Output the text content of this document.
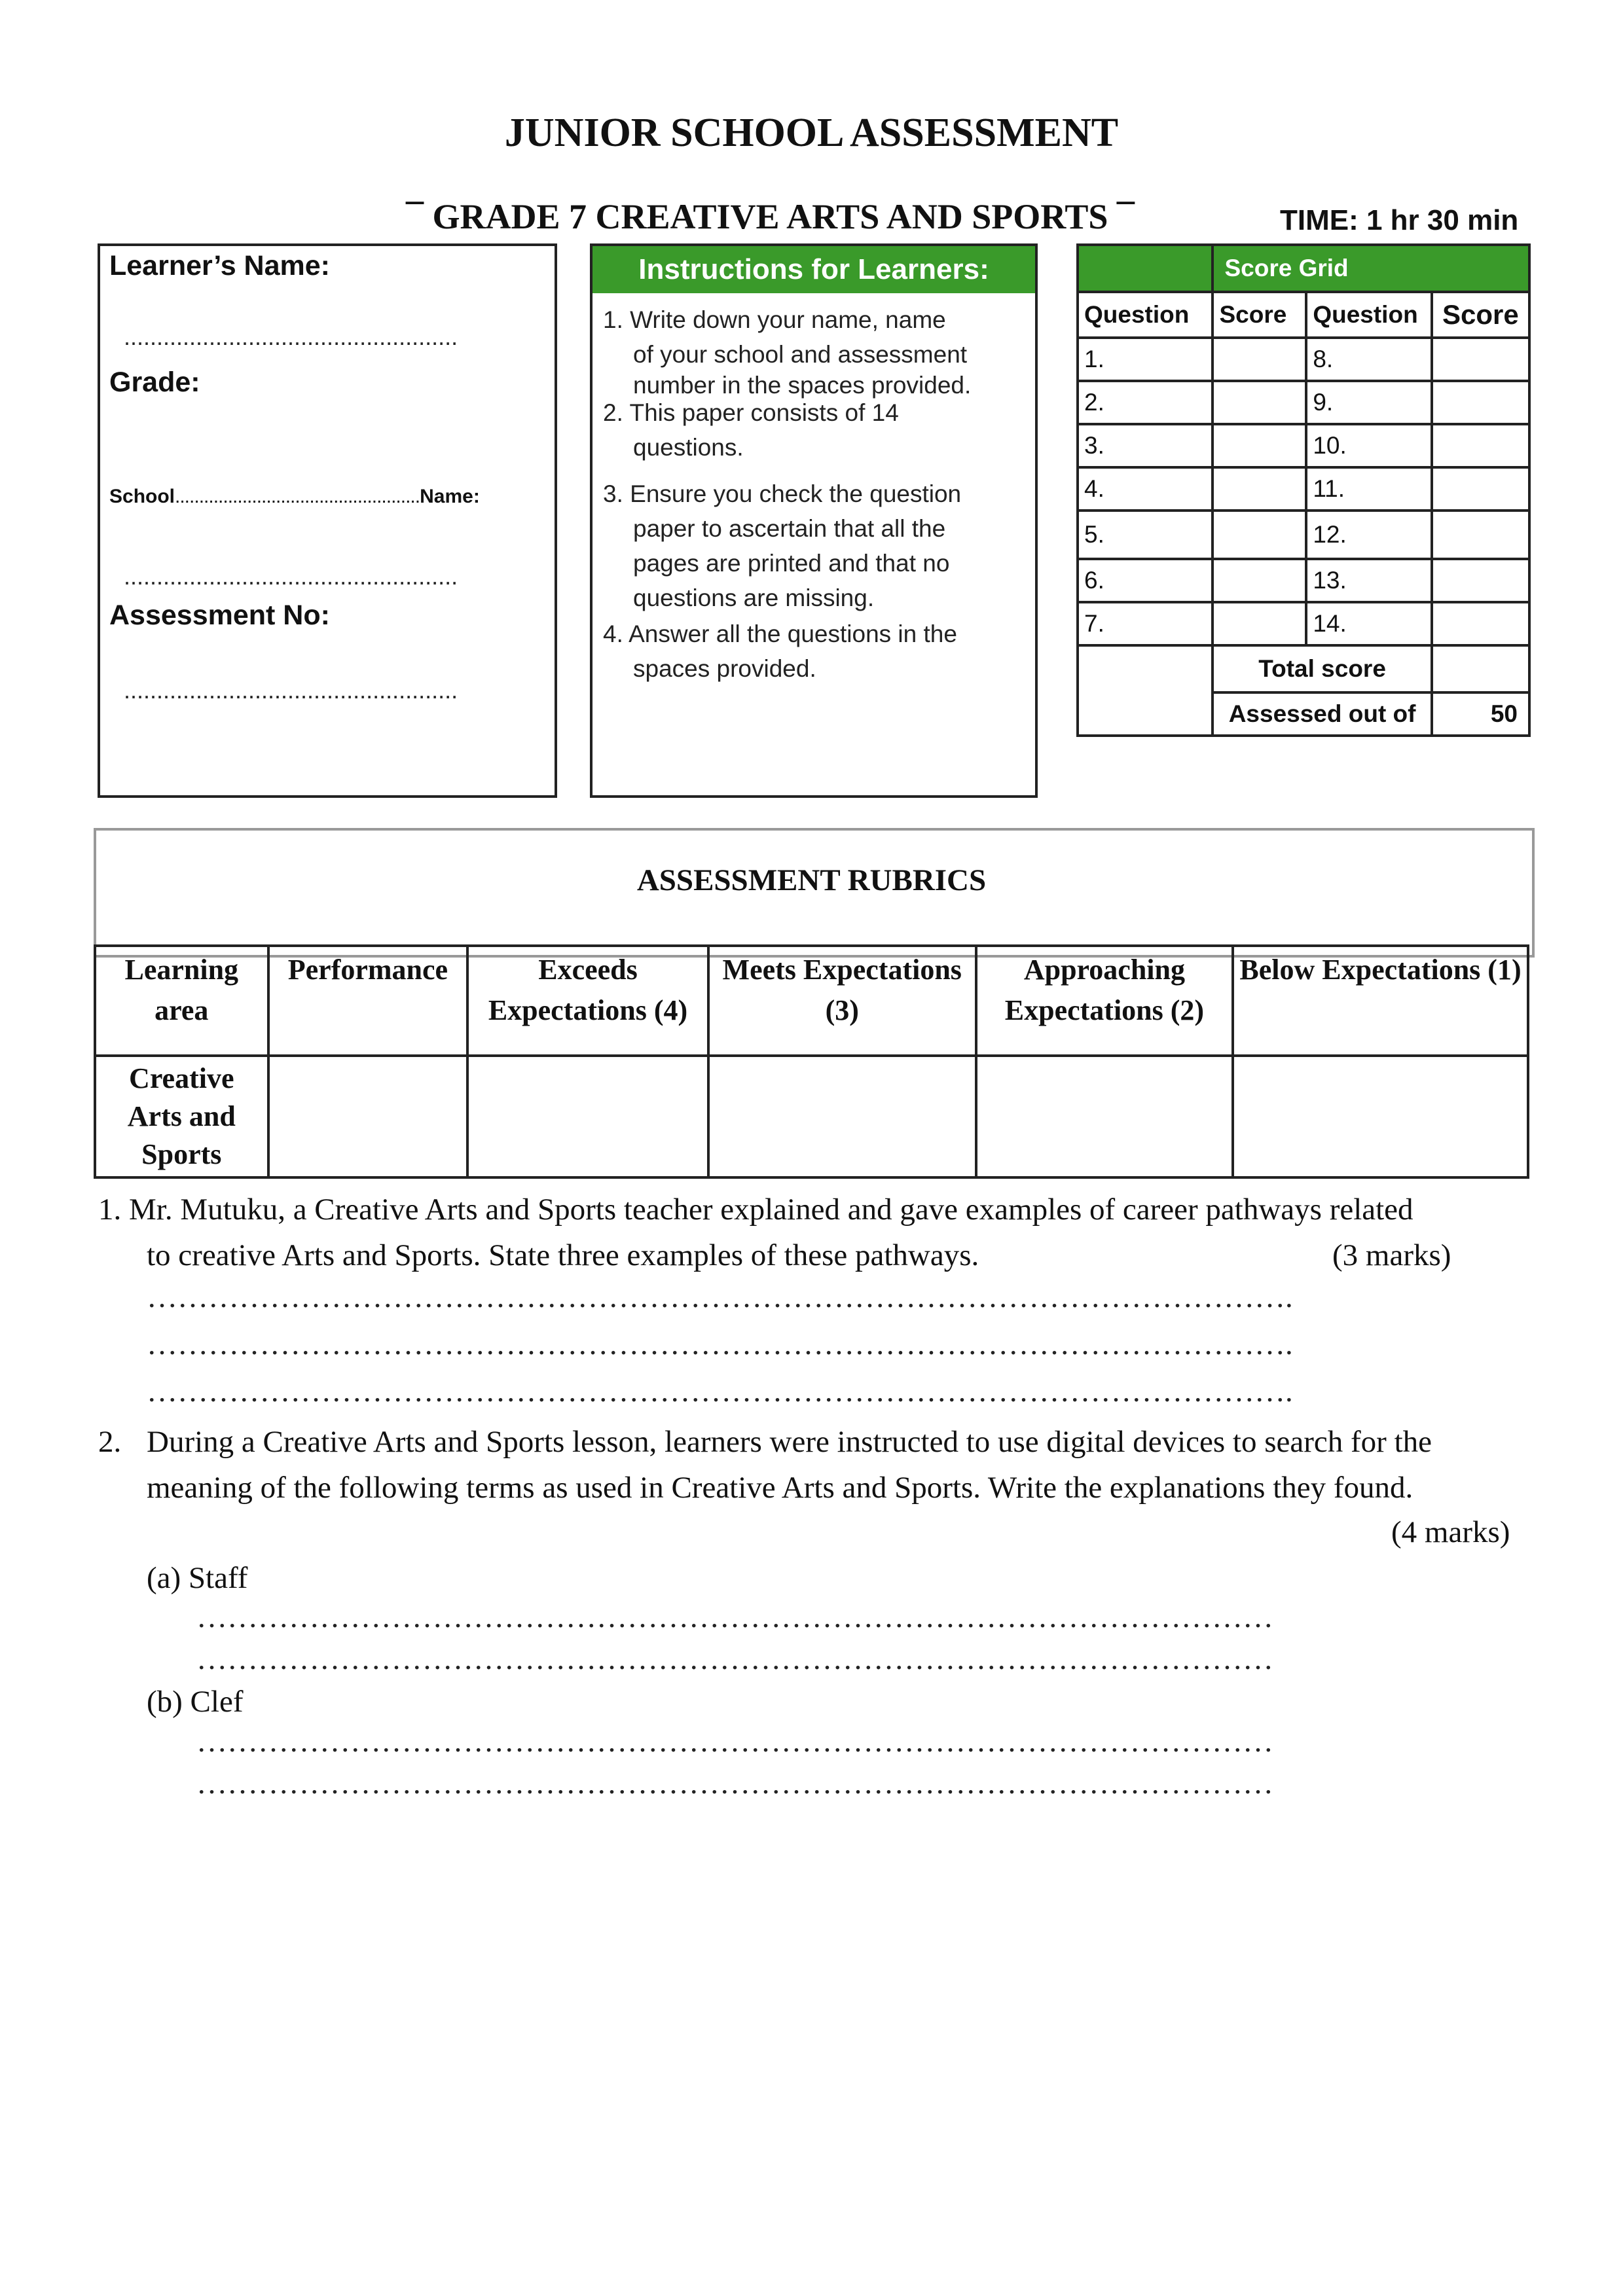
JUNIOR SCHOOL ASSESSMENT
¯ GRADE 7 CREATIVE ARTS AND SPORTS ¯	TIME: 1 hr 30 min
Learner’s Name:
...................................................
Grade:
School...................................................Name:
...................................................
Assessment No:
...................................................
Instructions for Learners:
1. Write down your name, name
of your school and assessment
number in the spaces provided.
2. This paper consists of 14
questions.
3. Ensure you check the question
paper to ascertain that all the
pages are printed and that no
questions are missing.
4. Answer all the questions in the
spaces provided.
	Score Grid		
Question	Score	Question	Score
1.		8.	
2.		9.	
3.		10.	
4.		11.	
5.		12.	
6.		13.	
7.		14.	
	Total score		
	Assessed out of		50
ASSESSMENT RUBRICS
Learning area	Performance	Exceeds Expectations (4)	Meets Expectations (3)	Approaching Expectations (2)	Below Expectations (1)
Creative Arts and Sports					
1. Mr. Mutuku, a Creative Arts and Sports teacher explained and gave examples of career pathways related
to creative Arts and Sports. State three examples of these pathways.	(3 marks)
………………………………………………………………………………………………….
………………………………………………………………………………………………….
………………………………………………………………………………………………….
2. During a Creative Arts and Sports lesson, learners were instructed to use digital devices to search for the
meaning of the following terms as used in Creative Arts and Sports. Write the explanations they found.
(4 marks)
(a) Staff
……………………………………………………………………………………………
……………………………………………………………………………………………
(b) Clef
……………………………………………………………………………………………
……………………………………………………………………………………………
